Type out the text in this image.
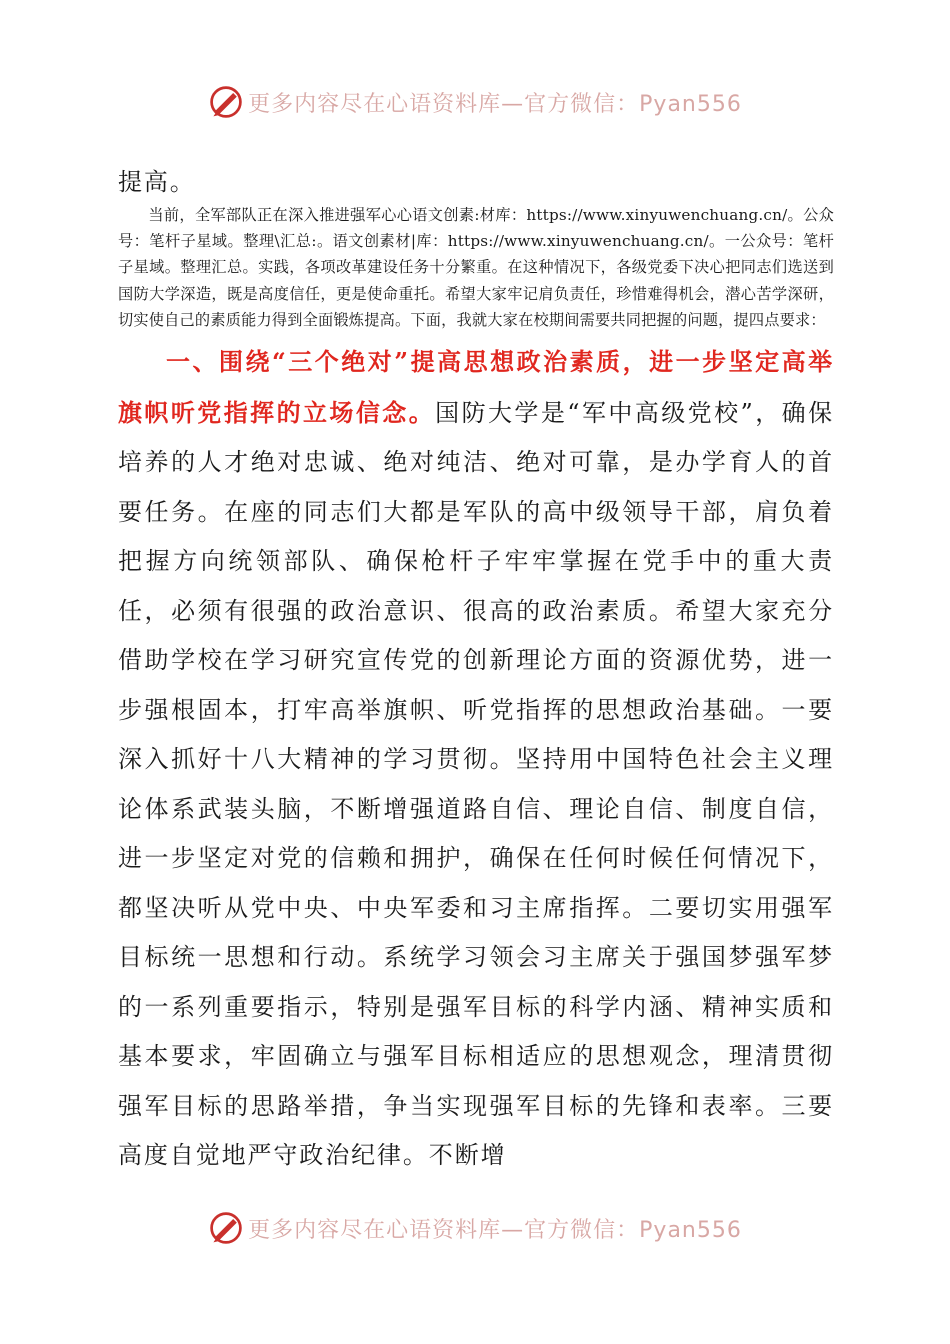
更多内容尽在心语资料库—官方微信：Pyan556

提高。

当前，全军部队正在深入推进强军心心语文创素:材库：https://www.xinyuwenchuang.cn/。公众号：笔杆子星域。整理\汇总:。语文创素材|库：https://www.xinyuwenchuang.cn/。一公众号：笔杆子星域。整理汇总。实践，各项改革建设任务十分繁重。在这种情况下，各级党委下决心把同志们选送到国防大学深造，既是高度信任，更是使命重托。希望大家牢记肩负责任，珍惜难得机会，潜心苦学深研，切实使自己的素质能力得到全面锻炼提高。下面，我就大家在校期间需要共同把握的问题，提四点要求：

一、围绕“三个绝对”提高思想政治素质，进一步坚定高举旗帜听党指挥的立场信念。国防大学是“军中高级党校”，确保培养的人才绝对忠诚、绝对纯洁、绝对可靠，是办学育人的首要任务。在座的同志们大都是军队的高中级领导干部，肩负着把握方向统领部队、确保枪杆子牢牢掌握在党手中的重大责任，必须有很强的政治意识、很高的政治素质。希望大家充分借助学校在学习研究宣传党的创新理论方面的资源优势，进一步强根固本，打牢高举旗帜、听党指挥的思想政治基础。一要深入抓好十八大精神的学习贯彻。坚持用中国特色社会主义理论体系武装头脑，不断增强道路自信、理论自信、制度自信，进一步坚定对党的信赖和拥护，确保在任何时候任何情况下，都坚决听从党中央、中央军委和习主席指挥。二要切实用强军目标统一思想和行动。系统学习领会习主席关于强国梦强军梦的一系列重要指示，特别是强军目标的科学内涵、精神实质和基本要求，牢固确立与强军目标相适应的思想观念，理清贯彻强军目标的思路举措，争当实现强军目标的先锋和表率。三要高度自觉地严守政治纪律。不断增

更多内容尽在心语资料库—官方微信：Pyan556
